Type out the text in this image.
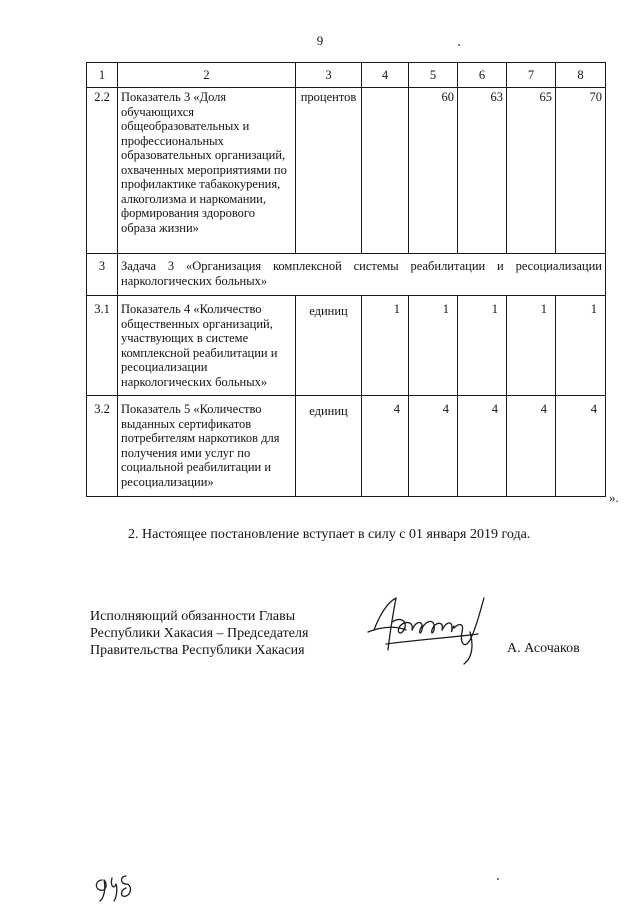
9
1	2	3	4	5	6	7	8
2.2	Показатель 3 «Доля обучающихся общеобразовательных и профессиональных образовательных организаций, охваченных мероприятиями по профилактике табакокурения, алкоголизма и наркомании, формирования здорового образа жизни»	процентов		60	63	65	70
3	Задача 3 «Организация комплексной системы реабилитации и ресоциализации
наркологических больных»						
3.1	Показатель 4 «Количество общественных организаций, участвующих в системе комплексной реабилитации и ресоциализации наркологических больных»	единиц	1	1	1	1	1
3.2	Показатель 5 «Количество выданных сертификатов потребителям наркотиков для получения ими услуг по социальной реабилитации и ресоциализации»	единиц	4	4	4	4	4
».
2. Настоящее постановление вступает в силу с 01 января 2019 года.
Исполняющий обязанности Главы
Республики Хакасия – Председателя
Правительства Республики Хакасия	А. Асочаков
